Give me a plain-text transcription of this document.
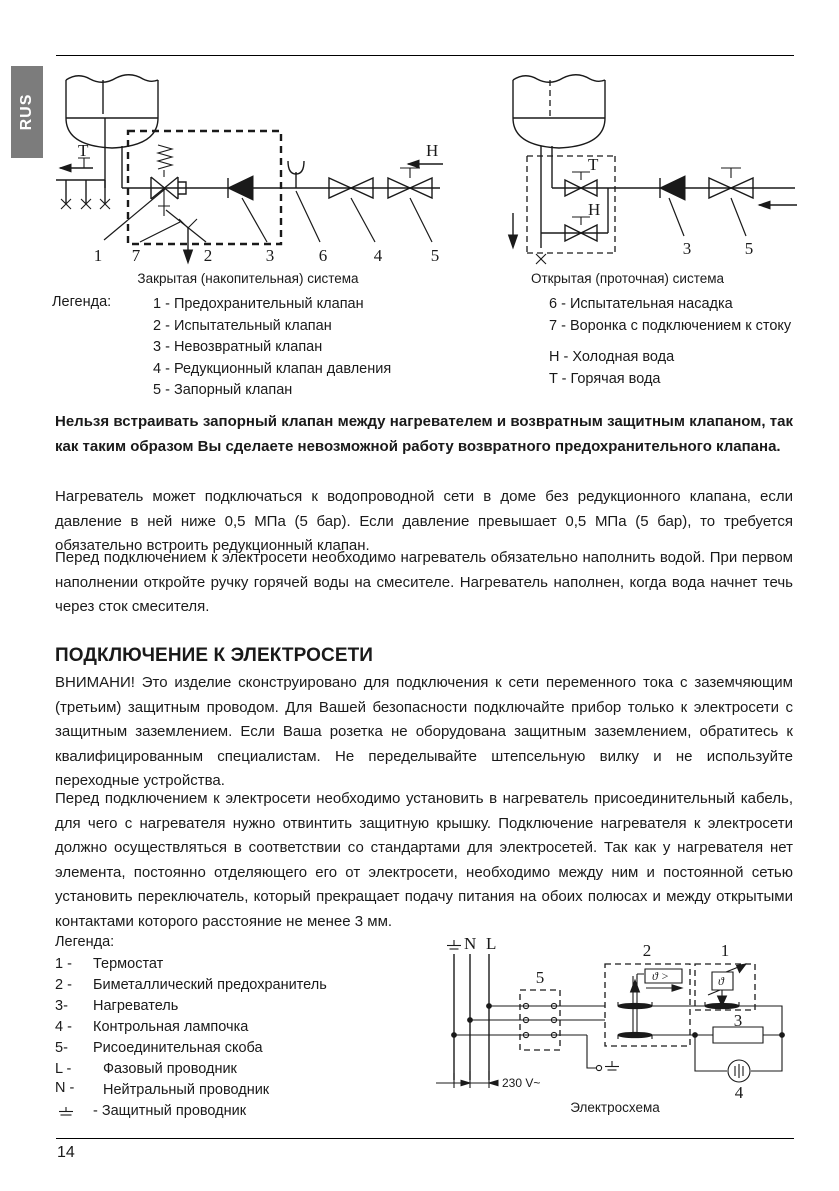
RUS
T	H
1 7	2	3	6	4	5
T
H
3	5
Закрытая (накопительная) система	Открытая (проточная) система
Легенда:	1 - Предохранительный клапан
2 - Испытательный клапан
3 - Невозвратный клапан
4 - Редукционный клапан давления
5 - Запорный клапан
6 - Испытательная насадка
7 - Воронка с подключением к стоку
H - Холодная вода
T - Горячая вода
Нельзя встраивать запорный клапан между нагревателем и возвратным защитным клапаном, так как таким образом Вы сделаете невозможной работу возвратного предохранительного клапана.
Нагреватель может подключаться к водопроводной сети в доме без редукционного клапана, если давление в ней ниже 0,5 МПа (5 бар). Если давление превышает 0,5 МПа (5 бар), то требуется обязательно встроить редукционный клапан.
Перед подключением к электросети необходимо нагреватель обязательно наполнить водой. При первом наполнении откройте ручку горячей воды на смесителе. Нагреватель наполнен, когда вода начнет течь через сток смесителя.
ПОДКЛЮЧЕНИЕ К ЭЛЕКТРОСЕТИ
ВНИМАНИ! Это изделие сконструировано для подключения к сети переменного тока с заземчяющим (третьим) защитным проводом. Для Вашей безопасности подключайте прибор только к электросети с защитным заземлением. Если Ваша розетка не оборудована защитным заземлением, обратитесь к квалифицированным специалистам. Не переделывайте штепсельную вилку и не используйте переходные устройства.
Перед подключением к электросети необходимо установить в нагреватель присоединительный кабель, для чего с нагревателя нужно отвинтить защитную крышку. Подключение нагревателя к электросети должно осуществляться в соответствии со стандартами для электросетей. Так как у нагревателя нет элемента, постоянно отделяющего его от электросети, необходимо между ним и постоянной сетью установить переключатель, который прекращает подачу питания на обоих полюсах и между открытыми контактами которого расстояние не менее 3 мм.
Легенда:
1 -	Термостат
2 -	Биметаллический предохранитель
3-	Нагреватель
4 -	Контрольная лампочка
5-	Рисоединительная скоба
L -	Фазовый проводник
N - Нейтральный проводник
- Защитный проводник
N L
5
230 V~
2
ϑ >
1
ϑ
3
4
Электросхема
14
